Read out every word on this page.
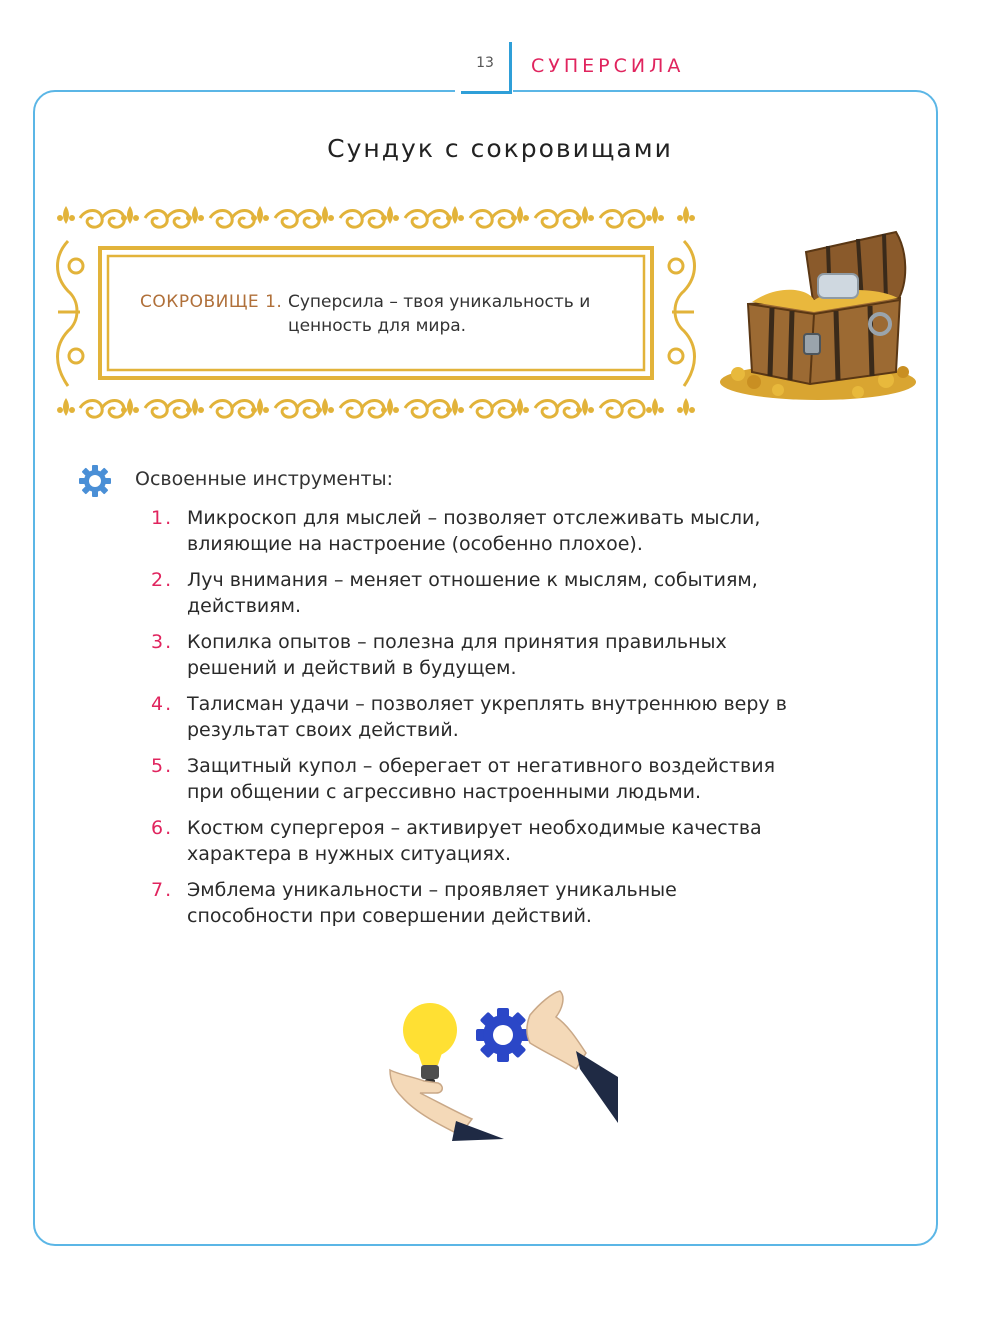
13	СУПЕРСИЛА
Сундук с сокровищами
СОКРОВИЩЕ 1. Суперсила – твоя уникальность и ценность для мира.
Освоенные инструменты:
1. Микроскоп для мыслей – позволяет отслеживать мысли, влияющие на настроение (особенно плохое).
2. Луч внимания – меняет отношение к мыслям, событиям, действиям.
3. Копилка опытов – полезна для принятия правильных решений и действий в будущем.
4. Талисман удачи – позволяет укреплять внутреннюю веру в результат своих действий.
5. Защитный купол – оберегает от негативного воздействия при общении с агрессивно настроенными людьми.
6. Костюм супергероя – активирует необходимые качества характера в нужных ситуациях.
7. Эмблема уникальности – проявляет уникальные способности при совершении действий.
